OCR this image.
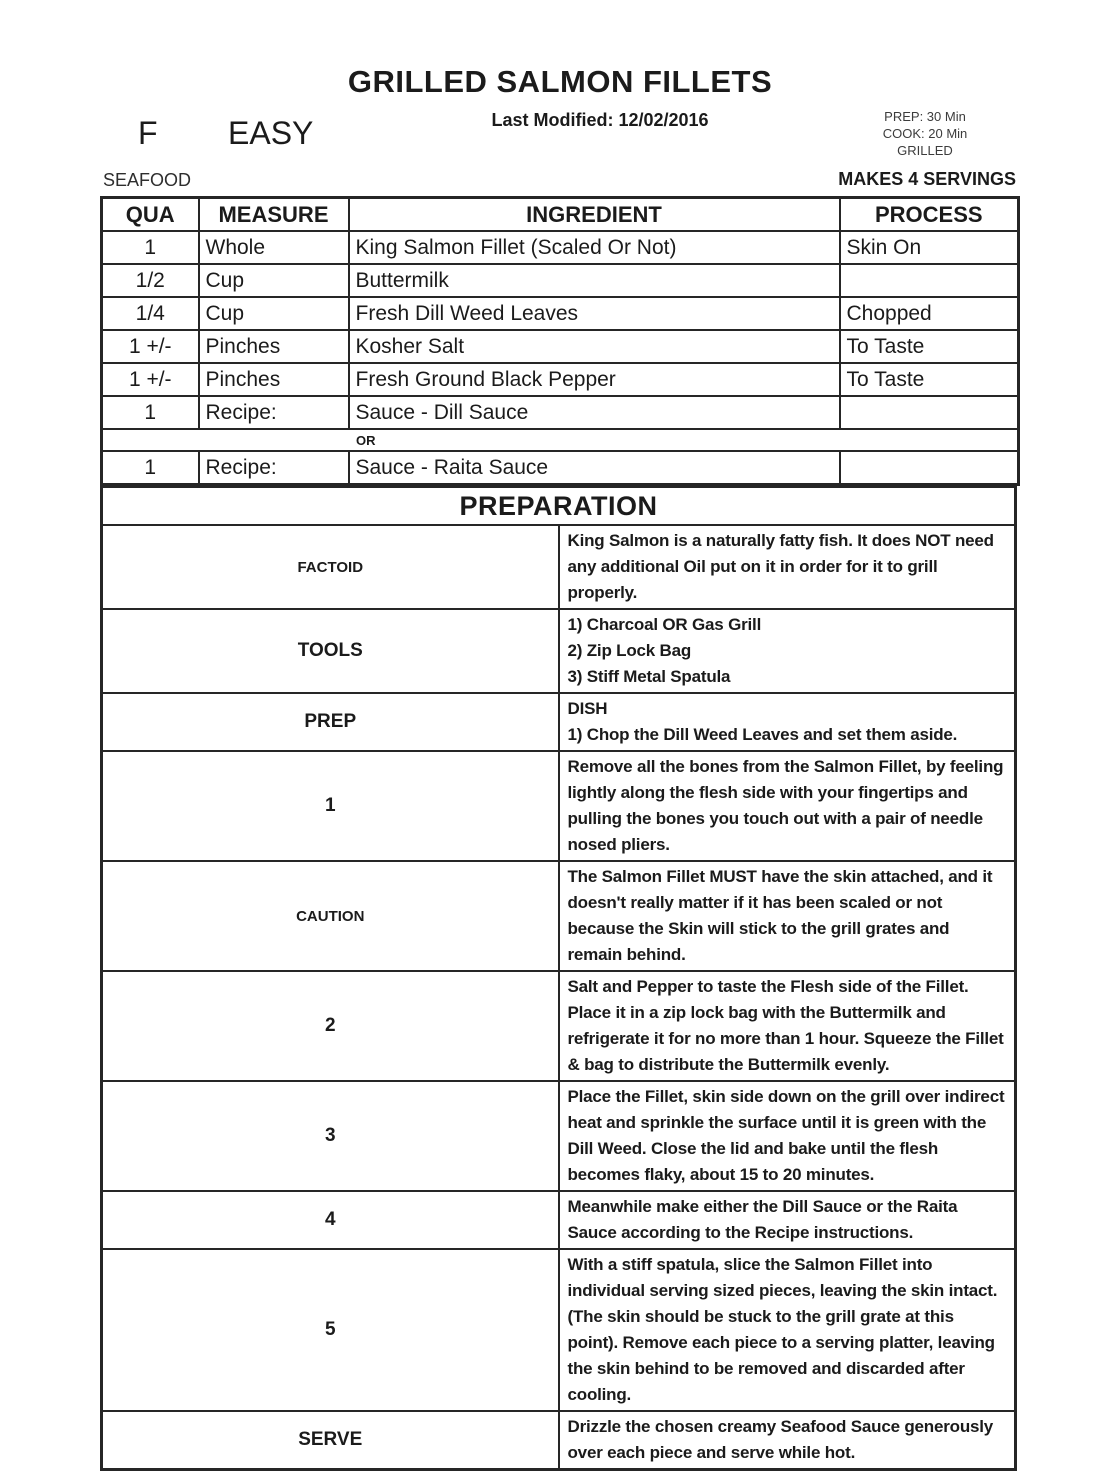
GRILLED SALMON FILLETS
Last Modified: 12/02/2016
F EASY	PREP: 30 Min
COOK: 20 Min
GRILLED
SEAFOOD	MAKES 4 SERVINGS
QUA	MEASURE	INGREDIENT	PROCESS
1	Whole	King Salmon Fillet (Scaled Or Not)	Skin On
1/2	Cup	Buttermilk	
1/4	Cup	Fresh Dill Weed Leaves	Chopped
1 +/-	Pinches	Kosher Salt	To Taste
1 +/-	Pinches	Fresh Ground Black Pepper	To Taste
1	Recipe:	Sauce - Dill Sauce	
OR			
1	Recipe:	Sauce - Raita Sauce	
PREPARATION	
FACTOID	King Salmon is a naturally fatty fish. It does NOT need any additional Oil put on it in order for it to grill properly.
TOOLS	1) Charcoal OR Gas Grill
2) Zip Lock Bag
3) Stiff Metal Spatula

PREP	DISH
1) Chop the Dill Weed Leaves and set them aside.

1	Remove all the bones from the Salmon Fillet, by feeling lightly along the flesh side with your fingertips and pulling the bones you touch out with a pair of needle nosed pliers.
CAUTION	The Salmon Fillet MUST have the skin attached, and it doesn't really matter if it has been scaled or not because the Skin will stick to the grill grates and remain behind.
2	Salt and Pepper to taste the Flesh side of the Fillet. Place it in a zip lock bag with the Buttermilk and refrigerate it for no more than 1 hour. Squeeze the Fillet & bag to distribute the Buttermilk evenly.
3	Place the Fillet, skin side down on the grill over indirect heat and sprinkle the surface until it is green with the Dill Weed. Close the lid and bake until the flesh becomes flaky, about 15 to 20 minutes.
4	Meanwhile make either the Dill Sauce or the Raita Sauce according to the Recipe instructions.
5	With a stiff spatula, slice the Salmon Fillet into individual serving sized pieces, leaving the skin intact. (The skin should be stuck to the grill grate at this point). Remove each piece to a serving platter, leaving the skin behind to be removed and discarded after cooling.
SERVE	Drizzle the chosen creamy Seafood Sauce generously over each piece and serve while hot.
